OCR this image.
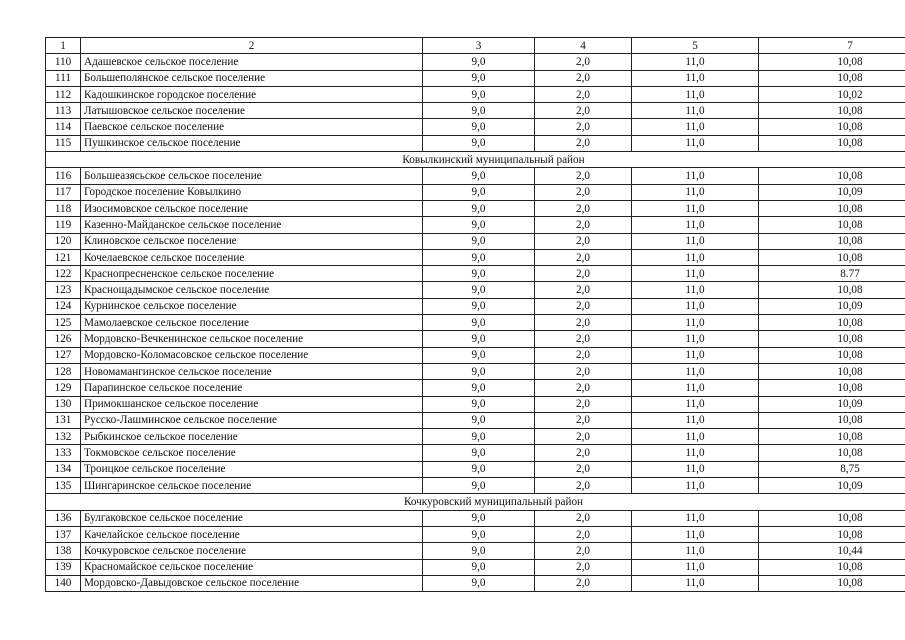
1	2	3	4	5	7
110	Адашевское сельское поселение	9,0	2,0	11,0	10,08
111	Большеполянское сельское поселение	9,0	2,0	11,0	10,08
112	Кадошкинское городское поселение	9,0	2,0	11,0	10,02
113	Латышовское сельское поселение	9,0	2,0	11,0	10,08
114	Паевское сельское поселение	9,0	2,0	11,0	10,08
115	Пушкинское сельское поселение	9,0	2,0	11,0	10,08
Ковылкинский муниципальный район					
116	Большеазясьское сельское поселение	9,0	2,0	11,0	10,08
117	Городское поселение Ковылкино	9,0	2,0	11,0	10,09
118	Изосимовское сельское поселение	9,0	2,0	11,0	10,08
119	Казенно-Майданское сельское поселение	9,0	2,0	11,0	10,08
120	Клиновское сельское поселение	9,0	2,0	11,0	10,08
121	Кочелаевское сельское поселение	9,0	2,0	11,0	10,08
122	Краснопресненское сельское поселение	9,0	2,0	11,0	8.77
123	Краснощадымское сельское поселение	9,0	2,0	11,0	10,08
124	Курнинское сельское поселение	9,0	2,0	11,0	10,09
125	Мамолаевское сельское поселение	9,0	2,0	11,0	10,08
126	Мордовско-Вечкенинское сельское поселение	9,0	2,0	11,0	10,08
127	Мордовско-Коломасовское сельское поселение	9,0	2,0	11,0	10,08
128	Новомамангинское сельское поселение	9,0	2,0	11,0	10,08
129	Парапинское сельское поселение	9,0	2,0	11,0	10,08
130	Примокшанское сельское поселение	9,0	2,0	11,0	10,09
131	Русско-Лашминское сельское поселение	9,0	2,0	11,0	10,08
132	Рыбкинское сельское поселение	9,0	2,0	11,0	10,08
133	Токмовское сельское поселение	9,0	2,0	11,0	10,08
134	Троицкое сельское поселение	9,0	2,0	11,0	8,75
135	Шингаринское сельское поселение	9,0	2,0	11,0	10,09
Кочкуровский муниципальный район					
136	Булгаковское сельское поселение	9,0	2,0	11,0	10,08
137	Качелайское сельское поселение	9,0	2,0	11,0	10,08
138	Кочкуровское сельское поселение	9,0	2,0	11,0	10,44
139	Красномайское сельское поселение	9,0	2,0	11,0	10,08
140	Мордовско-Давыдовское сельское поселение	9,0	2,0	11,0	10,08
